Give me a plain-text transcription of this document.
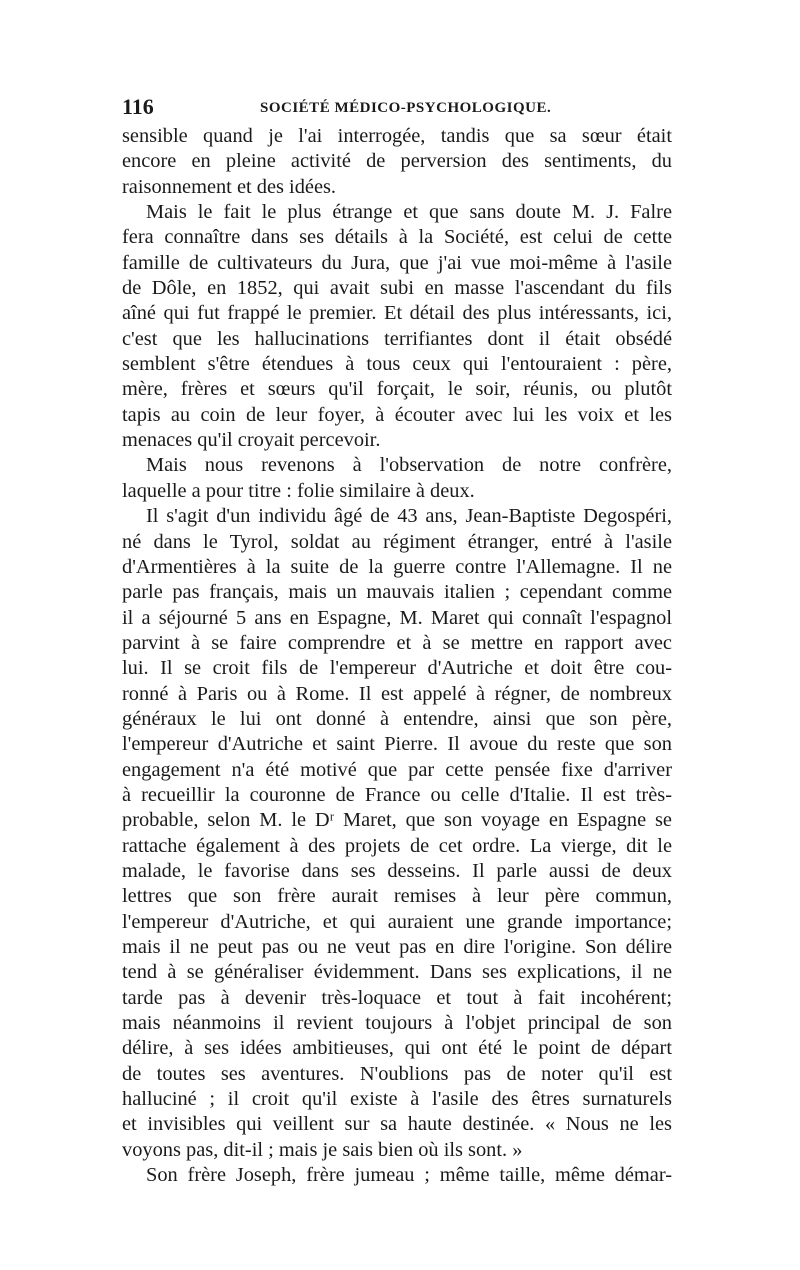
116	SOCIÉTÉ MÉDICO-PSYCHOLOGIQUE.
sensible quand je l'ai interrogée, tandis que sa sœur était
encore en pleine activité de perversion des sentiments, du
raisonnement et des idées.
Mais le fait le plus étrange et que sans doute M. J. Falre
fera connaître dans ses détails à la Société, est celui de cette
famille de cultivateurs du Jura, que j'ai vue moi-même à l'asile
de Dôle, en 1852, qui avait subi en masse l'ascendant du fils
aîné qui fut frappé le premier. Et détail des plus intéressants, ici,
c'est que les hallucinations terrifiantes dont il était obsédé
semblent s'être étendues à tous ceux qui l'entouraient : père,
mère, frères et sœurs qu'il forçait, le soir, réunis, ou plutôt
tapis au coin de leur foyer, à écouter avec lui les voix et les
menaces qu'il croyait percevoir.
Mais nous revenons à l'observation de notre confrère,
laquelle a pour titre : folie similaire à deux.
Il s'agit d'un individu âgé de 43 ans, Jean-Baptiste Degospéri,
né dans le Tyrol, soldat au régiment étranger, entré à l'asile
d'Armentières à la suite de la guerre contre l'Allemagne. Il ne
parle pas français, mais un mauvais italien ; cependant comme
il a séjourné 5 ans en Espagne, M. Maret qui connaît l'espagnol
parvint à se faire comprendre et à se mettre en rapport avec
lui. Il se croit fils de l'empereur d'Autriche et doit être cou-
ronné à Paris ou à Rome. Il est appelé à régner, de nombreux
généraux le lui ont donné à entendre, ainsi que son père,
l'empereur d'Autriche et saint Pierre. Il avoue du reste que son
engagement n'a été motivé que par cette pensée fixe d'arriver
à recueillir la couronne de France ou celle d'Italie. Il est très-
probable, selon M. le Dʳ Maret, que son voyage en Espagne se
rattache également à des projets de cet ordre. La vierge, dit le
malade, le favorise dans ses desseins. Il parle aussi de deux
lettres que son frère aurait remises à leur père commun,
l'empereur d'Autriche, et qui auraient une grande importance;
mais il ne peut pas ou ne veut pas en dire l'origine. Son délire
tend à se généraliser évidemment. Dans ses explications, il ne
tarde pas à devenir très-loquace et tout à fait incohérent;
mais néanmoins il revient toujours à l'objet principal de son
délire, à ses idées ambitieuses, qui ont été le point de départ
de toutes ses aventures. N'oublions pas de noter qu'il est
halluciné ; il croit qu'il existe à l'asile des êtres surnaturels
et invisibles qui veillent sur sa haute destinée. « Nous ne les
voyons pas, dit-il ; mais je sais bien où ils sont. »
Son frère Joseph, frère jumeau ; même taille, même démar-
